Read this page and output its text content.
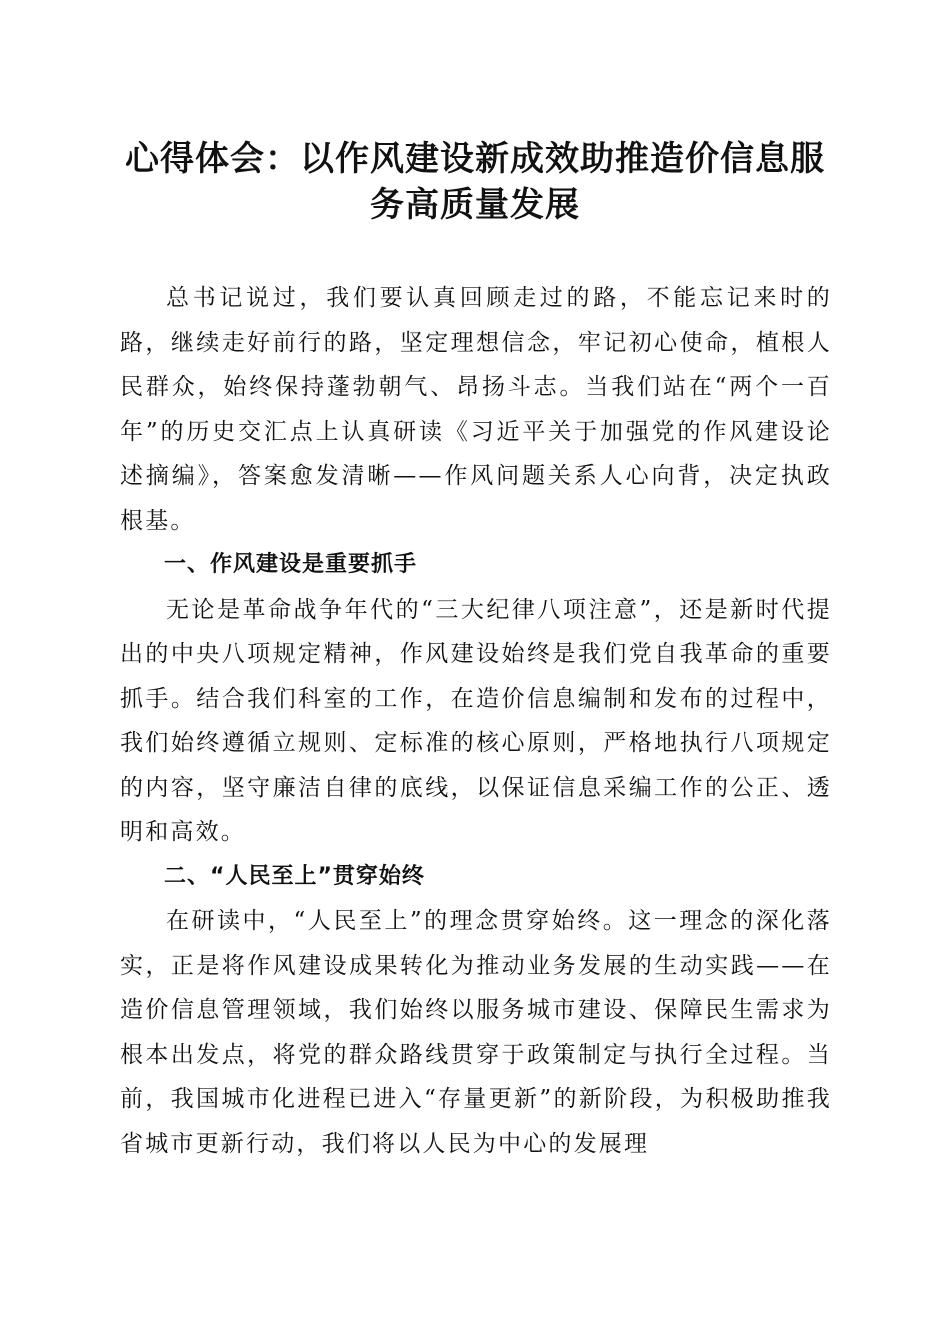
心得体会：以作风建设新成效助推造价信息服务高质量发展

总书记说过，我们要认真回顾走过的路，不能忘记来时的路，继续走好前行的路，坚定理想信念，牢记初心使命，植根人民群众，始终保持蓬勃朝气、昂扬斗志。当我们站在“两个一百年”的历史交汇点上认真研读《习近平关于加强党的作风建设论述摘编》，答案愈发清晰——作风问题关系人心向背，决定执政根基。

一、作风建设是重要抓手

无论是革命战争年代的“三大纪律八项注意”，还是新时代提出的中央八项规定精神，作风建设始终是我们党自我革命的重要抓手。结合我们科室的工作，在造价信息编制和发布的过程中，我们始终遵循立规则、定标准的核心原则，严格地执行八项规定的内容，坚守廉洁自律的底线，以保证信息采编工作的公正、透明和高效。

二、“人民至上”贯穿始终

在研读中，“人民至上”的理念贯穿始终。这一理念的深化落实，正是将作风建设成果转化为推动业务发展的生动实践——在造价信息管理领域，我们始终以服务城市建设、保障民生需求为根本出发点，将党的群众路线贯穿于政策制定与执行全过程。当前，我国城市化进程已进入“存量更新”的新阶段，为积极助推我省城市更新行动，我们将以人民为中心的发展理
